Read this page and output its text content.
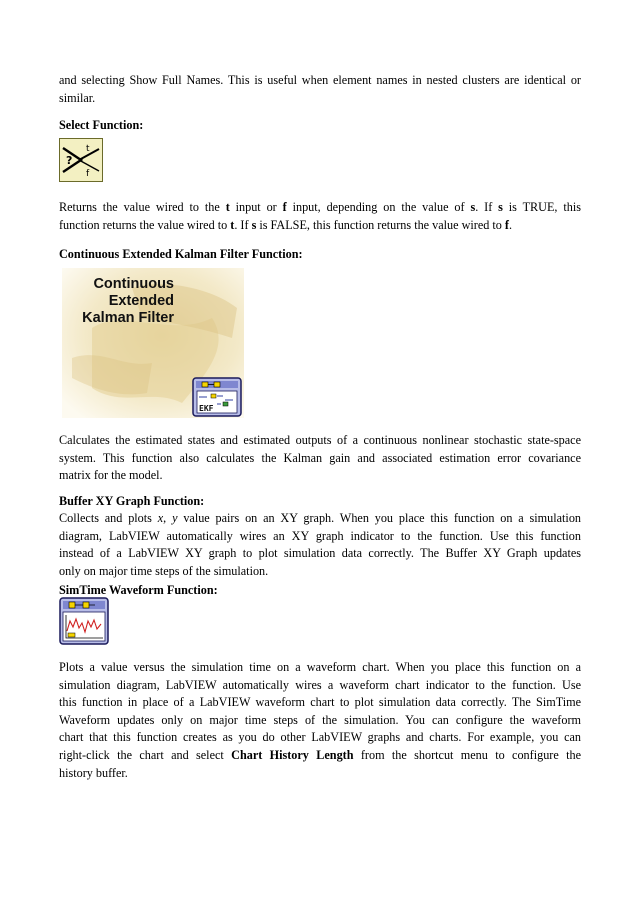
and selecting Show Full Names. This is useful when element names in nested clusters are identical or
similar.

Select Function:

?
t
f

Returns the value wired to the t input or f input, depending on the value of s. If s is TRUE, this
function returns the value wired to t. If s is FALSE, this function returns the value wired to f.

Continuous Extended Kalman Filter Function:

Continuous
Extended
Kalman Filter
EKF

Calculates the estimated states and estimated outputs of a continuous nonlinear stochastic state-space
system. This function also calculates the Kalman gain and associated estimation error covariance
matrix for the model.

Buffer XY Graph Function:

Collects and plots x, y value pairs on an XY graph. When you place this function on a simulation
diagram, LabVIEW automatically wires an XY graph indicator to the function. Use this function
instead of a LabVIEW XY graph to plot simulation data correctly. The Buffer XY Graph updates
only on major time steps of the simulation.

SimTime Waveform Function:

Plots a value versus the simulation time on a waveform chart. When you place this function on a
simulation diagram, LabVIEW automatically wires a waveform chart indicator to the function. Use
this function in place of a LabVIEW waveform chart to plot simulation data correctly. The SimTime
Waveform updates only on major time steps of the simulation. You can configure the waveform
chart that this function creates as you do other LabVIEW graphs and charts. For example, you can
right-click the chart and select Chart History Length from the shortcut menu to configure the
history buffer.
